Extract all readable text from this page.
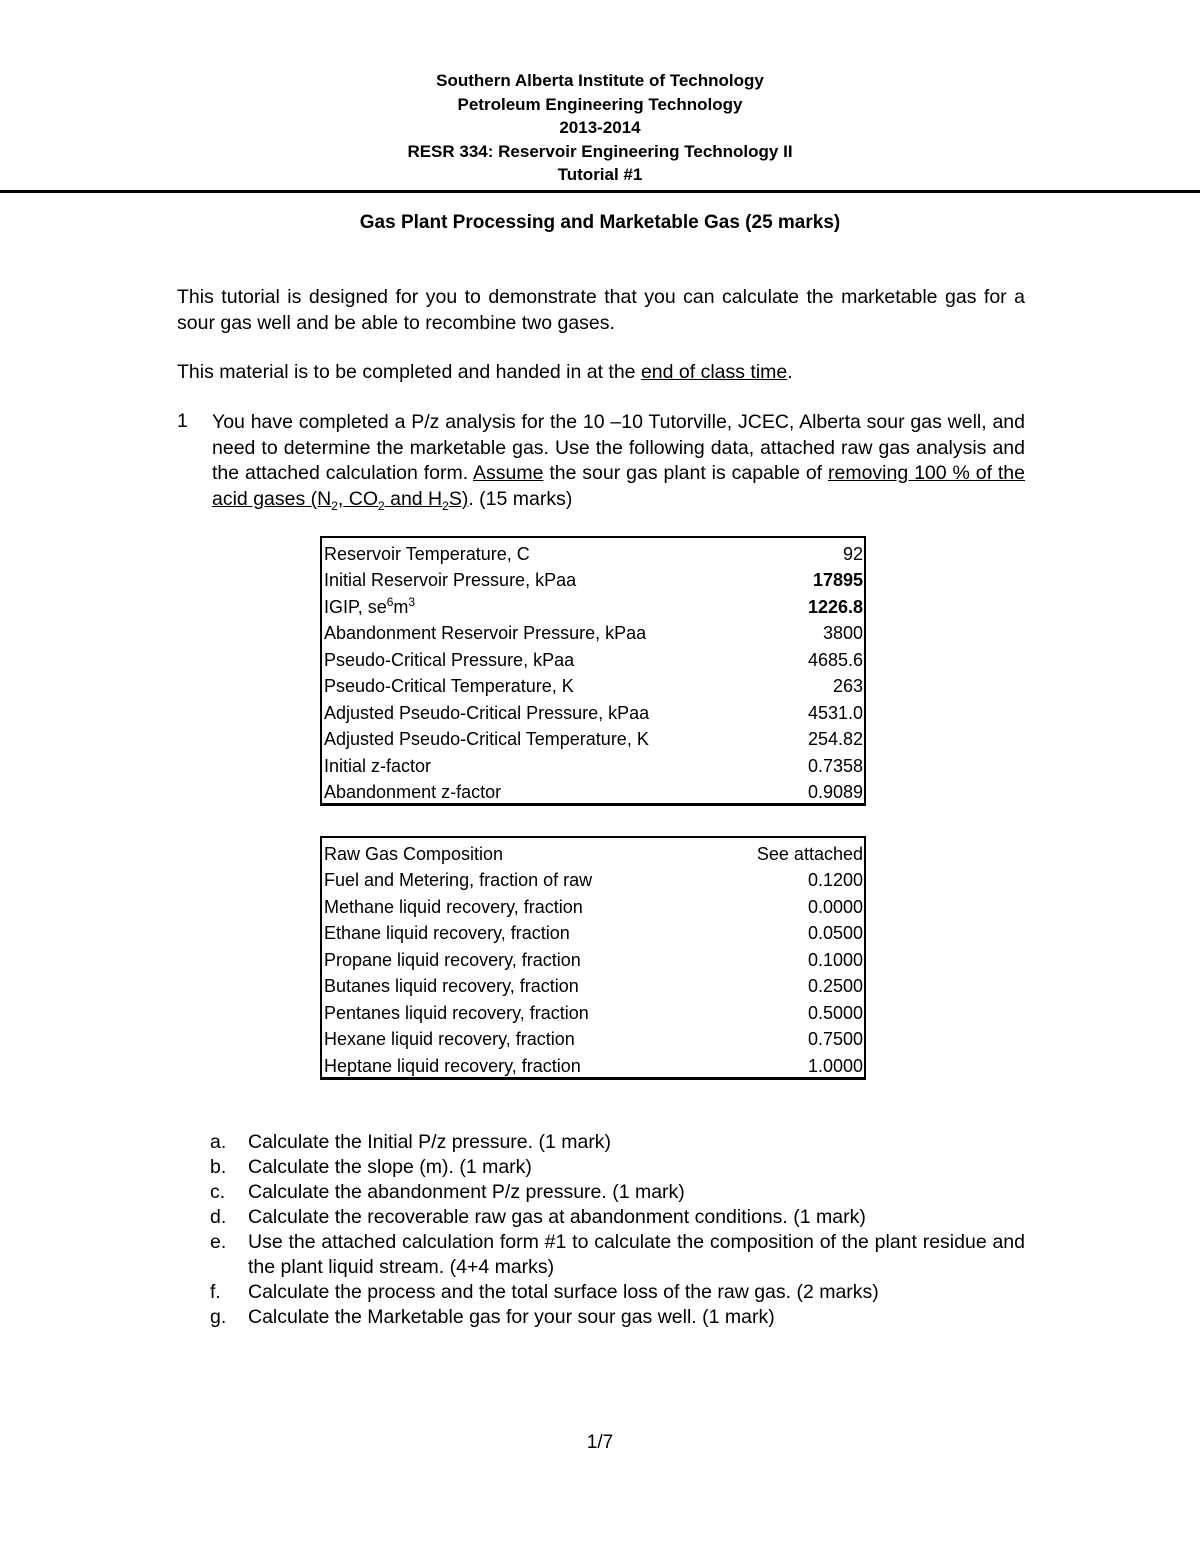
Southern Alberta Institute of Technology
Petroleum Engineering Technology
2013-2014
RESR 334: Reservoir Engineering Technology II
Tutorial #1
Gas Plant Processing and Marketable Gas (25 marks)
This tutorial is designed for you to demonstrate that you can calculate the marketable gas for a sour gas well and be able to recombine two gases.
This material is to be completed and handed in at the end of class time.
1 You have completed a P/z analysis for the 10 –10 Tutorville, JCEC, Alberta sour gas well, and need to determine the marketable gas. Use the following data, attached raw gas analysis and the attached calculation form. Assume the sour gas plant is capable of removing 100 % of the acid gases ($N_2$, $CO_2$ and $H_2S$). (15 marks)
Reservoir Temperature, C	92
Initial Reservoir Pressure, kPaa	17895
IGIP, $se^6m^3$	1226.8
Abandonment Reservoir Pressure, kPaa	3800
Pseudo-Critical Pressure, kPaa	4685.6
Pseudo-Critical Temperature, K	263
Adjusted Pseudo-Critical Pressure, kPaa	4531.0
Adjusted Pseudo-Critical Temperature, K	254.82
Initial z-factor	0.7358
Abandonment z-factor	0.9089
Raw Gas Composition	See attached
Fuel and Metering, fraction of raw	0.1200
Methane liquid recovery, fraction	0.0000
Ethane liquid recovery, fraction	0.0500
Propane liquid recovery, fraction	0.1000
Butanes liquid recovery, fraction	0.2500
Pentanes liquid recovery, fraction	0.5000
Hexane liquid recovery, fraction	0.7500
Heptane liquid recovery, fraction	1.0000
a. Calculate the Initial P/z pressure. (1 mark)
b. Calculate the slope (m). (1 mark)
c. Calculate the abandonment P/z pressure. (1 mark)
d. Calculate the recoverable raw gas at abandonment conditions. (1 mark)
e. Use the attached calculation form #1 to calculate the composition of the plant residue and the plant liquid stream. (4+4 marks)
f. Calculate the process and the total surface loss of the raw gas. (2 marks)
g. Calculate the Marketable gas for your sour gas well. (1 mark)
1/7
